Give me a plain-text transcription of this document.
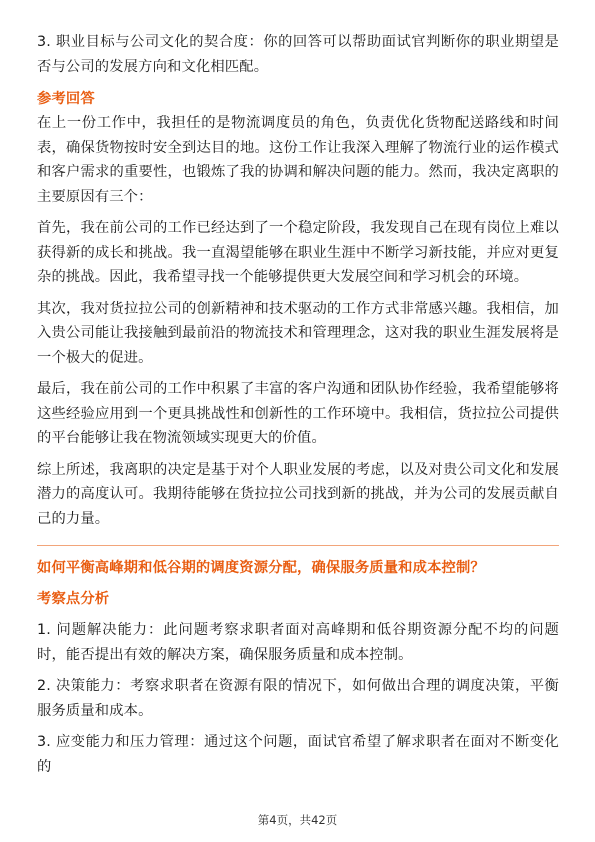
3. 职业目标与公司文化的契合度：你的回答可以帮助面试官判断你的职业期望是否与公司的发展方向和文化相匹配。

参考回答

在上一份工作中，我担任的是物流调度员的角色，负责优化货物配送路线和时间表，确保货物按时安全到达目的地。这份工作让我深入理解了物流行业的运作模式和客户需求的重要性，也锻炼了我的协调和解决问题的能力。然而，我决定离职的主要原因有三个：

首先，我在前公司的工作已经达到了一个稳定阶段，我发现自己在现有岗位上难以获得新的成长和挑战。我一直渴望能够在职业生涯中不断学习新技能，并应对更复杂的挑战。因此，我希望寻找一个能够提供更大发展空间和学习机会的环境。

其次，我对货拉拉公司的创新精神和技术驱动的工作方式非常感兴趣。我相信，加入贵公司能让我接触到最前沿的物流技术和管理理念，这对我的职业生涯发展将是一个极大的促进。

最后，我在前公司的工作中积累了丰富的客户沟通和团队协作经验，我希望能够将这些经验应用到一个更具挑战性和创新性的工作环境中。我相信，货拉拉公司提供的平台能够让我在物流领域实现更大的价值。

综上所述，我离职的决定是基于对个人职业发展的考虑，以及对贵公司文化和发展潜力的高度认可。我期待能够在货拉拉公司找到新的挑战，并为公司的发展贡献自己的力量。

如何平衡高峰期和低谷期的调度资源分配，确保服务质量和成本控制？

考察点分析

1. 问题解决能力：此问题考察求职者面对高峰期和低谷期资源分配不均的问题时，能否提出有效的解决方案，确保服务质量和成本控制。

2. 决策能力：考察求职者在资源有限的情况下，如何做出合理的调度决策，平衡服务质量和成本。

3. 应变能力和压力管理：通过这个问题，面试官希望了解求职者在面对不断变化的

第4页，共42页
